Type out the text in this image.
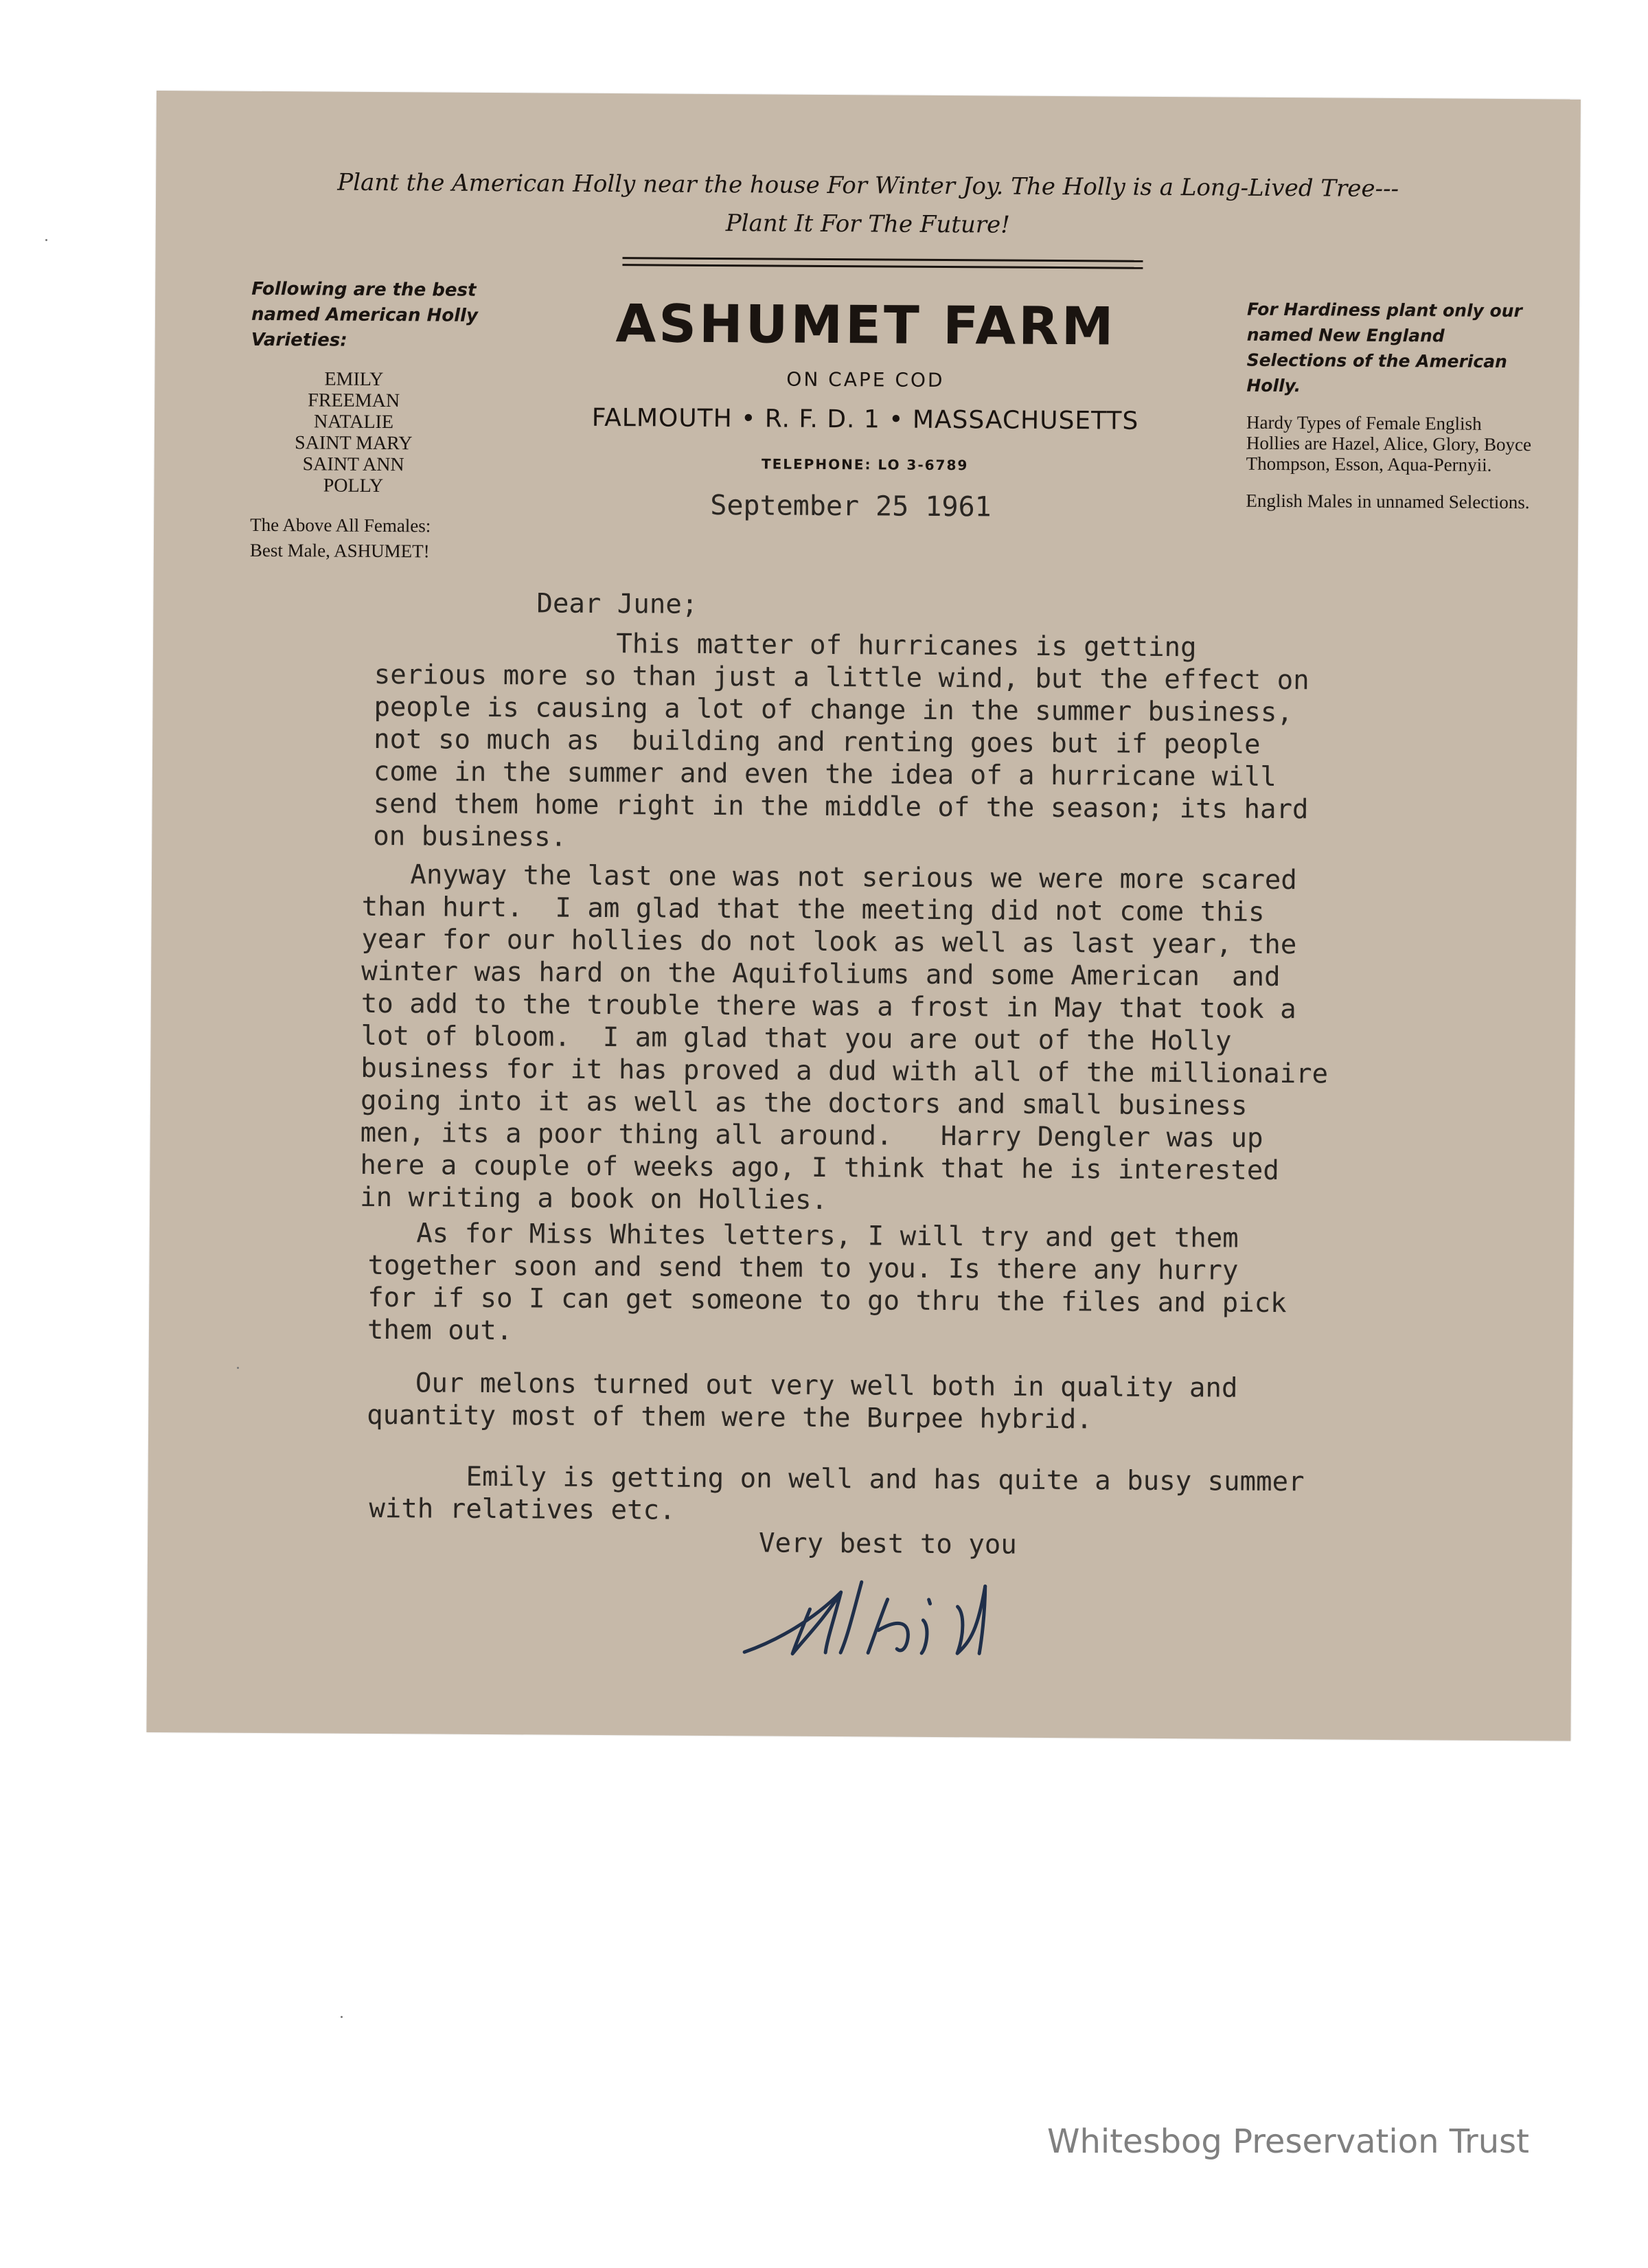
Plant the American Holly near the house For Winter Joy. The Holly is a Long-Lived Tree---
Plant It For The Future!
ASHUMET FARM
ON CAPE COD
FALMOUTH • R. F. D. 1 • MASSACHUSETTS
TELEPHONE: LO 3-6789
Following are the best named American Holly Varieties:
EMILY
FREEMAN
NATALIE
SAINT MARY
SAINT ANN
POLLY
The Above All Females:
Best Male, ASHUMET!
For Hardiness plant only our named New England Selections of the American Holly.
Hardy Types of Female English Hollies are Hazel, Alice, Glory, Boyce Thompson, Esson, Aqua-Pernyii.
English Males in unnamed Selections.
September 25 1961
Dear June;
This matter of hurricanes is getting
serious more so than just a little wind, but the effect on
people is causing a lot of change in the summer business,
not so much as  building and renting goes but if people
come in the summer and even the idea of a hurricane will
send them home right in the middle of the season; its hard
on business.
Anyway the last one was not serious we were more scared
than hurt.  I am glad that the meeting did not come this
year for our hollies do not look as well as last year, the
winter was hard on the Aquifoliums and some American  and
to add to the trouble there was a frost in May that took a
lot of bloom.  I am glad that you are out of the Holly
business for it has proved a dud with all of the millionaire
going into it as well as the doctors and small business
men, its a poor thing all around.   Harry Dengler was up
here a couple of weeks ago, I think that he is interested
in writing a book on Hollies.
As for Miss Whites letters, I will try and get them
together soon and send them to you. Is there any hurry
for if so I can get someone to go thru the files and pick
them out.
Our melons turned out very well both in quality and
quantity most of them were the Burpee hybrid.
Emily is getting on well and has quite a busy summer
with relatives etc.
Very best to you
Whitesbog Preservation Trust
